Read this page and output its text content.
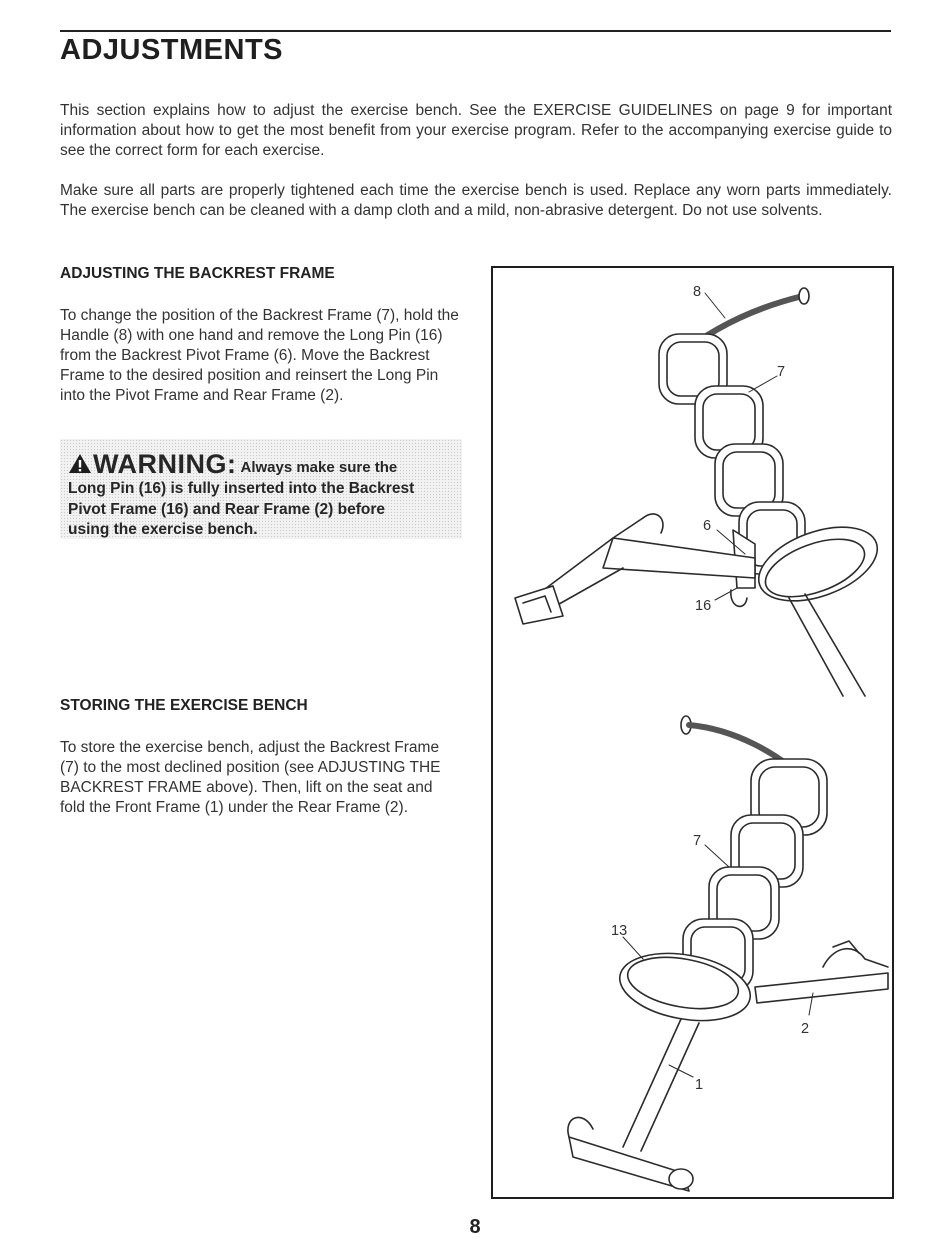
ADJUSTMENTS

This section explains how to adjust the exercise bench. See the EXERCISE GUIDELINES on page 9 for important information about how to get the most benefit from your exercise program. Refer to the accompanying exercise guide to see the correct form for each exercise.

Make sure all parts are properly tightened each time the exercise bench is used. Replace any worn parts immediately. The exercise bench can be cleaned with a damp cloth and a mild, non-abrasive detergent. Do not use solvents.

ADJUSTING THE BACKREST FRAME

To change the position of the Backrest Frame (7), hold the Handle (8) with one hand and remove the Long Pin (16) from the Backrest Pivot Frame (6). Move the Backrest Frame to the desired position and reinsert the Long Pin into the Pivot Frame and Rear Frame (2).

WARNING: Always make sure the
Long Pin (16) is fully inserted into the Backrest
Pivot Frame (16) and Rear Frame (2) before
using the exercise bench.
STORING THE EXERCISE BENCH

To store the exercise bench, adjust the Backrest Frame (7) to the most declined position (see ADJUSTING THE BACKREST FRAME above). Then, lift on the seat and fold the Front Frame (1) under the Rear Frame (2).

8
7
6
16
7
13
2
1

8
